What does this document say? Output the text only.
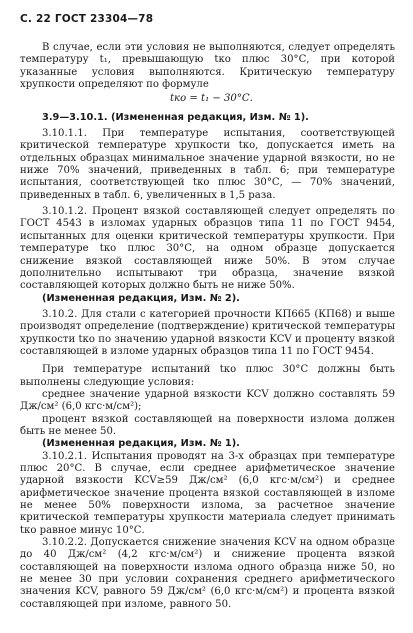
С. 22 ГОСТ 23304—78

В случае, если эти условия не выполняются, следует определять температуру t₁, превышающую tко плюс 30°С, при которой указанные условия выполняются. Критическую температуру хрупкости определяют по формуле

tко = t₁ − 30°С.

3.9—3.10.1. (Измененная редакция, Изм. № 1).

3.10.1.1. При температуре испытания, соответствующей критической температуре хрупкости tко, допускается иметь на отдельных образцах минимальное значение ударной вязкости, но не ниже 70% значений, приведенных в табл. 6; при температуре испытания, соответствующей tко плюс 30°С, — 70% значений, приведенных в табл. 6, увеличенных в 1,5 раза.

3.10.1.2. Процент вязкой составляющей следует определять по ГОСТ 4543 в изломах ударных образцов типа 11 по ГОСТ 9454, испытанных для оценки критической температуры хрупкости. При температуре tко плюс 30°С, на одном образце допускается снижение вязкой составляющей ниже 50%. В этом случае дополнительно испытывают три образца, значение вязкой составляющей которых должно быть не ниже 50%.

(Измененная редакция, Изм. № 2).

3.10.2. Для стали с категорией прочности КП665 (КП68) и выше производят определение (подтверждение) критической температуры хрупкости tко по значению ударной вязкости KCV и проценту вязкой составляющей в изломе ударных образцов типа 11 по ГОСТ 9454.

При температуре испытаний tко плюс 30°С должны быть выполнены следующие условия:

среднее значение ударной вязкости KCV должно составлять 59 Дж/см² (6,0 кгс·м/см²);

процент вязкой составляющей на поверхности излома должен быть не менее 50.

(Измененная редакция, Изм. № 1).

3.10.2.1. Испытания проводят на 3-х образцах при температуре плюс 20°С. В случае, если среднее арифметическое значение ударной вязкости KCV≥59 Дж/см² (6,0 кгс·м/см²) и среднее арифметическое значение процента вязкой составляющей в изломе не менее 50% поверхности излома, за расчетное значение критической температуры хрупкости материала следует принимать tко равное минус 10°С.

3.10.2.2. Допускается снижение значения KCV на одном образце до 40 Дж/см² (4,2 кгс·м/см²) и снижение процента вязкой составляющей на поверхности излома одного образца ниже 50, но не менее 30 при условии сохранения среднего арифметического значения KCV, равного 59 Дж/см² (6,0 кгс·м/см²) и процента вязкой составляющей при изломе, равного 50.
